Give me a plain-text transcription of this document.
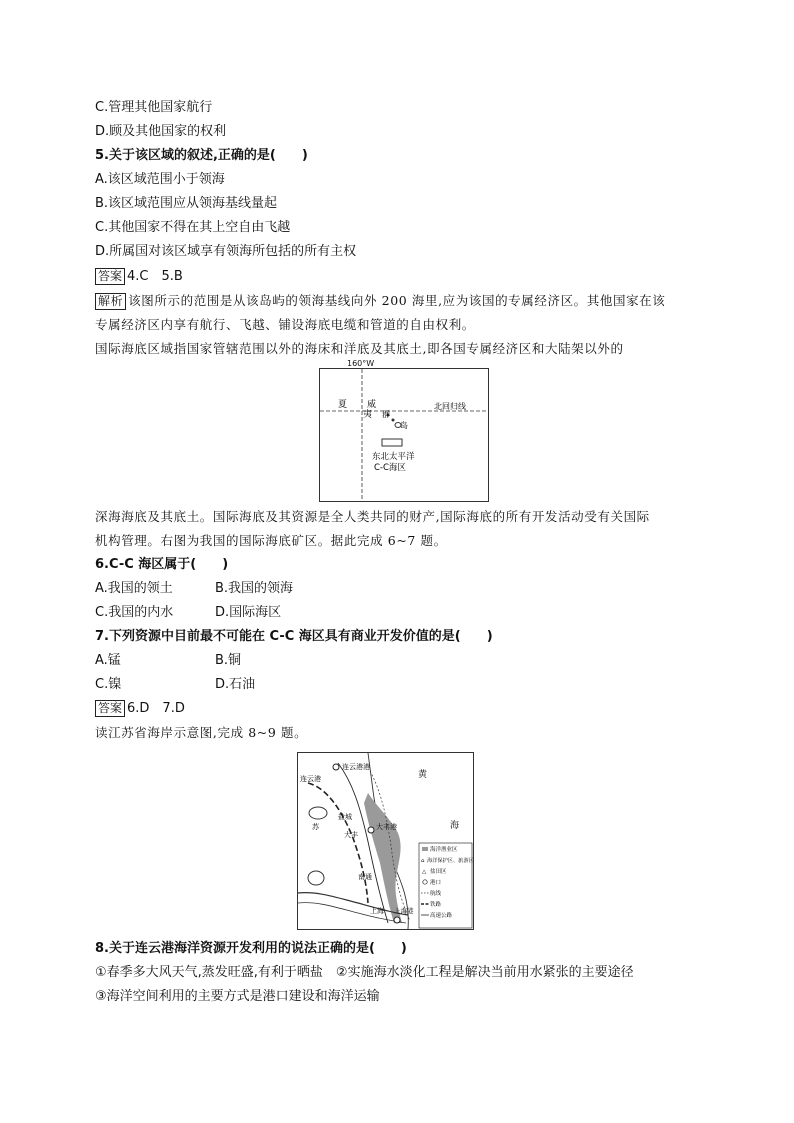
C.管理其他国家航行
D.顾及其他国家的权利
5.关于该区域的叙述,正确的是(　　)
A.该区域范围小于领海
B.该区域范围应从领海基线量起
C.其他国家不得在其上空自由飞越
D.所属国对该区域享有领海所包括的所有主权
答案 4.C　5.B
解析 该图所示的范围是从该岛屿的领海基线向外 200 海里,应为该国的专属经济区。其他国家在该
专属经济区内享有航行、飞越、铺设海底电缆和管道的自由权利。
国际海底区域指国家管辖范围以外的海床和洋底及其底土,即各国专属经济区和大陆架以外的
夏 威
夷 群
岛
北回归线
东北太平洋
C-C海区
160°W
深海海底及其底土。国际海底及其资源是全人类共同的财产,国际海底的所有开发活动受有关国际
机构管理。右图为我国的国际海底矿区。据此完成 6~7 题。
6.C-C 海区属于(　　)
A.我国的领土	B.我国的领海
C.我国的内水	D.国际海区
7.下列资源中目前最不可能在 C-C 海区具有商业开发价值的是(　　)
A.锰	B.铜
C.镍	D.石油
答案 6.D　7.D
读江苏省海岸示意图,完成 8~9 题。
黄
海
连云港港
连云港
盐城
大丰港
大丰
南通
上海 上海港
苏
海洋渔业区
⌂ 海洋保护区、旅游区
△ 盐田区
港口
航线
铁路
高速公路
8.关于连云港海洋资源开发利用的说法正确的是(　　)
①春季多大风天气,蒸发旺盛,有利于晒盐　②实施海水淡化工程是解决当前用水紧张的主要途径
③海洋空间利用的主要方式是港口建设和海洋运输
